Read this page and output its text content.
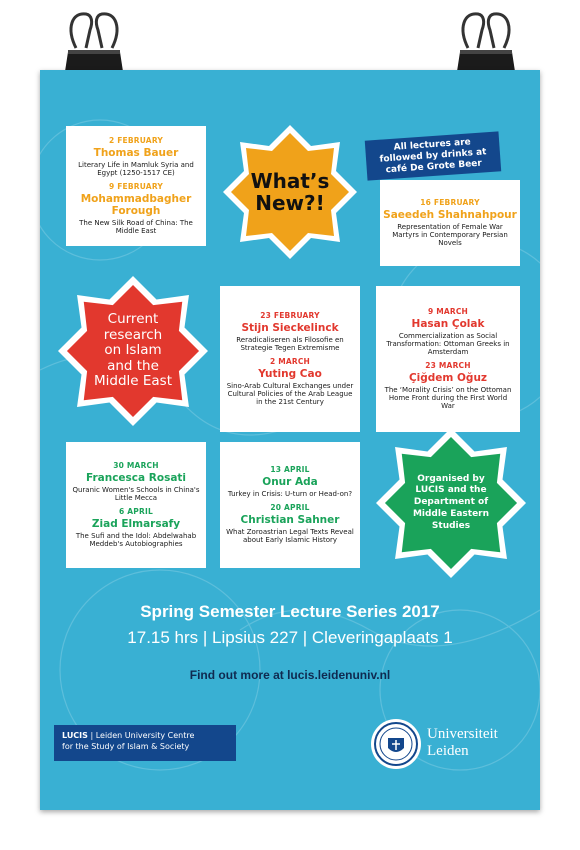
2 FEBRUARY
Thomas Bauer
Literary Life in Mamluk Syria and Egypt (1250-1517 CE)
9 FEBRUARY
Mohammadbagher Forough
The New Silk Road of China: The Middle East
What’s New?!
All lectures are followed by drinks at café De Grote Beer
16 FEBRUARY
Saeedeh Shahnahpour
Representation of Female War Martyrs in Contemporary Persian Novels
Current research on Islam and the Middle East
23 FEBRUARY
Stijn Sieckelinck
Reradicaliseren als Filosofie en Strategie Tegen Extremisme
2 MARCH
Yuting Cao
Sino-Arab Cultural Exchanges under Cultural Policies of the Arab League in the 21st Century
9 MARCH
Hasan Çolak
Commercialization as Social Transformation: Ottoman Greeks in Amsterdam
23 MARCH
Çiğdem Oğuz
The ‘Morality Crisis’ on the Ottoman Home Front during the First World War
30 MARCH
Francesca Rosati
Quranic Women's Schools in China's Little Mecca
6 APRIL
Ziad Elmarsafy
The Sufi and the Idol: Abdelwahab Meddeb's Autobiographies
13 APRIL
Onur Ada
Turkey in Crisis: U-turn or Head-on?
20 APRIL
Christian Sahner
What Zoroastrian Legal Texts Reveal about Early Islamic History
Organised by LUCIS and the Department of Middle Eastern Studies
Spring Semester Lecture Series 2017
17.15 hrs | Lipsius 227 | Cleveringaplaats 1
Find out more at lucis.leidenuniv.nl
LUCIS | Leiden University Centre
for the Study of Islam & Society
Universiteit
Leiden
